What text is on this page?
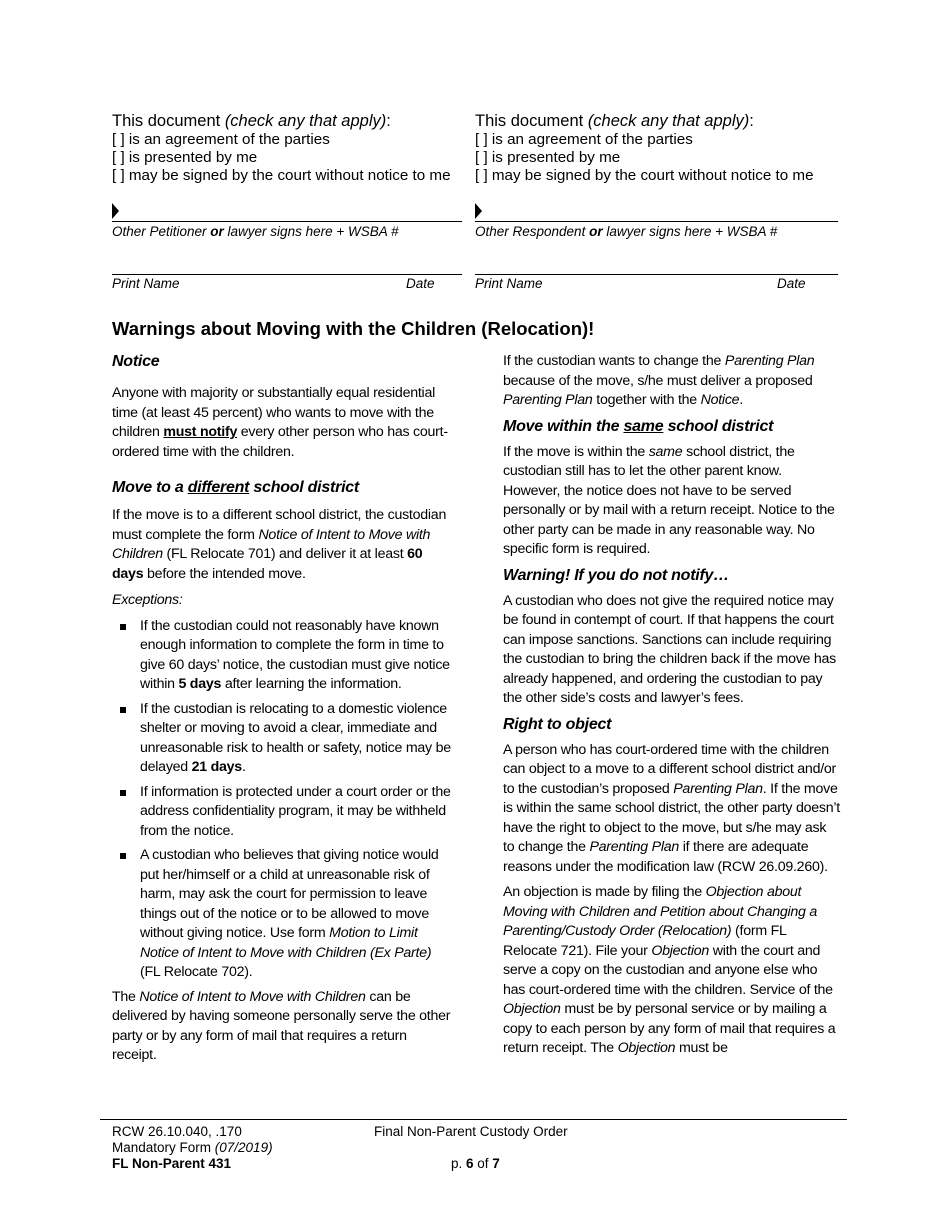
This document (check any that apply):
[ ] is an agreement of the parties
[ ] is presented by me
[ ] may be signed by the court without notice to me
Other Petitioner or lawyer signs here + WSBA #
Print Name	Date
This document (check any that apply):
[ ] is an agreement of the parties
[ ] is presented by me
[ ] may be signed by the court without notice to me
Other Respondent or lawyer signs here + WSBA #
Print Name	Date
Warnings about Moving with the Children (Relocation)!
Notice

Anyone with majority or substantially equal residential time (at least 45 percent) who wants to move with the children must notify every other person who has court-ordered time with the children.

Move to a different school district

If the move is to a different school district, the custodian must complete the form Notice of Intent to Move with Children (FL Relocate 701) and deliver it at least 60 days before the intended move.

Exceptions:

If the custodian could not reasonably have known enough information to complete the form in time to give 60 days’ notice, the custodian must give notice within 5 days after learning the information.
If the custodian is relocating to a domestic violence shelter or moving to avoid a clear, immediate and unreasonable risk to health or safety, notice may be delayed 21 days.
If information is protected under a court order or the address confidentiality program, it may be withheld from the notice.
A custodian who believes that giving notice would put her/himself or a child at unreasonable risk of harm, may ask the court for permission to leave things out of the notice or to be allowed to move without giving notice. Use form Motion to Limit Notice of Intent to Move with Children (Ex Parte) (FL Relocate 702).

The Notice of Intent to Move with Children can be delivered by having someone personally serve the other party or by any form of mail that requires a return receipt.

If the custodian wants to change the Parenting Plan because of the move, s/he must deliver a proposed Parenting Plan together with the Notice.

Move within the same school district

If the move is within the same school district, the custodian still has to let the other parent know. However, the notice does not have to be served personally or by mail with a return receipt. Notice to the other party can be made in any reasonable way. No specific form is required.

Warning! If you do not notify…

A custodian who does not give the required notice may be found in contempt of court. If that happens the court can impose sanctions. Sanctions can include requiring the custodian to bring the children back if the move has already happened, and ordering the custodian to pay the other side’s costs and lawyer’s fees.

Right to object

A person who has court-ordered time with the children can object to a move to a different school district and/or to the custodian’s proposed Parenting Plan. If the move is within the same school district, the other party doesn’t have the right to object to the move, but s/he may ask to change the Parenting Plan if there are adequate reasons under the modification law (RCW 26.09.260).

An objection is made by filing the Objection about Moving with Children and Petition about Changing a Parenting/Custody Order (Relocation) (form FL Relocate 721). File your Objection with the court and serve a copy on the custodian and anyone else who has court-ordered time with the children. Service of the Objection must be by personal service or by mailing a copy to each person by any form of mail that requires a return receipt. The Objection must be

RCW 26.10.040, .170
Mandatory Form (07/2019)
FL Non-Parent 431
Final Non-Parent Custody Order
p. 6 of 7
